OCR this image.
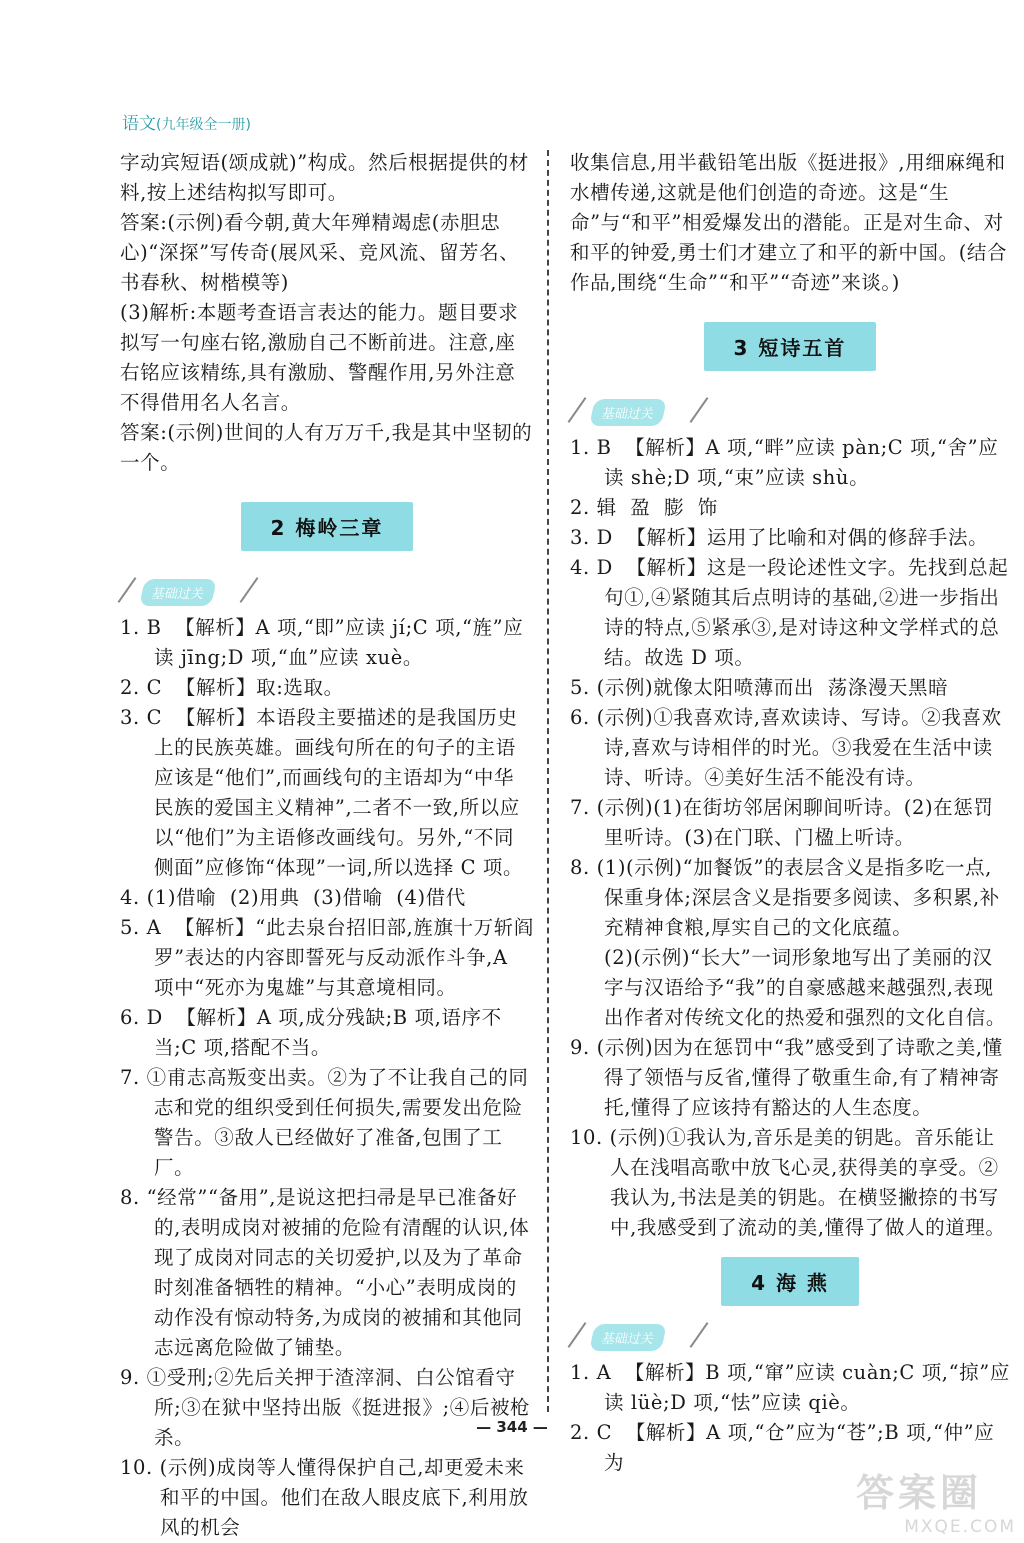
语文(九年级全一册)

字动宾短语(颂成就)”构成。然后根据提供的材料,按上述结构拟写即可。

答案:(示例)看今朝,黄大年殚精竭虑(赤胆忠心)“深探”写传奇(展风采、竞风流、留芳名、书春秋、树楷模等)

(3)解析:本题考查语言表达的能力。题目要求拟写一句座右铭,激励自己不断前进。注意,座右铭应该精练,具有激励、警醒作用,另外注意不得借用名人名言。

答案:(示例)世间的人有万万千,我是其中坚韧的一个。

2 梅岭三章
基础过关

1. B  【解析】A 项,“即”应读 jí;C 项,“旌”应读 jīng;D 项,“血”应读 xuè。

2. C  【解析】取:选取。

3. C  【解析】本语段主要描述的是我国历史上的民族英雄。画线句所在的句子的主语应该是“他们”,而画线句的主语却为“中华民族的爱国主义精神”,二者不一致,所以应以“他们”为主语修改画线句。另外,“不同侧面”应修饰“体现”一词,所以选择 C 项。

4. (1)借喻  (2)用典  (3)借喻  (4)借代

5. A  【解析】“此去泉台招旧部,旌旗十万斩阎罗”表达的内容即誓死与反动派作斗争,A 项中“死亦为鬼雄”与其意境相同。

6. D  【解析】A 项,成分残缺;B 项,语序不当;C 项,搭配不当。

7. ①甫志高叛变出卖。②为了不让我自己的同志和党的组织受到任何损失,需要发出危险警告。③敌人已经做好了准备,包围了工厂。

8. “经常”“备用”,是说这把扫帚是早已准备好的,表明成岗对被捕的危险有清醒的认识,体现了成岗对同志的关切爱护,以及为了革命时刻准备牺牲的精神。“小心”表明成岗的动作没有惊动特务,为成岗的被捕和其他同志远离危险做了铺垫。

9. ①受刑;②先后关押于渣滓洞、白公馆看守所;③在狱中坚持出版《挺进报》;④后被枪杀。

10. (示例)成岗等人懂得保护自己,却更爱未来和平的中国。他们在敌人眼皮底下,利用放风的机会

收集信息,用半截铅笔出版《挺进报》,用细麻绳和水槽传递,这就是他们创造的奇迹。这是“生命”与“和平”相爱爆发出的潜能。正是对生命、对和平的钟爱,勇士们才建立了和平的新中国。(结合作品,围绕“生命”“和平”“奇迹”来谈。)

3 短诗五首
基础过关

1. B  【解析】A 项,“畔”应读 pàn;C 项,“舍”应读 shè;D 项,“束”应读 shù。

2. 辑  盈  膨  饰

3. D  【解析】运用了比喻和对偶的修辞手法。

4. D  【解析】这是一段论述性文字。先找到总起句①,④紧随其后点明诗的基础,②进一步指出诗的特点,⑤紧承③,是对诗这种文学样式的总结。故选 D 项。

5. (示例)就像太阳喷薄而出  荡涤漫天黑暗

6. (示例)①我喜欢诗,喜欢读诗、写诗。②我喜欢诗,喜欢与诗相伴的时光。③我爱在生活中读诗、听诗。④美好生活不能没有诗。

7. (示例)(1)在街坊邻居闲聊间听诗。(2)在惩罚里听诗。(3)在门联、门楹上听诗。

8. (1)(示例)“加餐饭”的表层含义是指多吃一点,保重身体;深层含义是指要多阅读、多积累,补充精神食粮,厚实自己的文化底蕴。

(2)(示例)“长大”一词形象地写出了美丽的汉字与汉语给予“我”的自豪感越来越强烈,表现出作者对传统文化的热爱和强烈的文化自信。

9. (示例)因为在惩罚中“我”感受到了诗歌之美,懂得了领悟与反省,懂得了敬重生命,有了精神寄托,懂得了应该持有豁达的人生态度。

10. (示例)①我认为,音乐是美的钥匙。音乐能让人在浅唱高歌中放飞心灵,获得美的享受。②我认为,书法是美的钥匙。在横竖撇捺的书写中,我感受到了流动的美,懂得了做人的道理。

4 海 燕
基础过关

1. A  【解析】B 项,“窜”应读 cuàn;C 项,“掠”应读 lüè;D 项,“怯”应读 qiè。

2. C  【解析】A 项,“仓”应为“苍”;B 项,“仲”应为

— 344 —
答案圈
MXQE.COM
